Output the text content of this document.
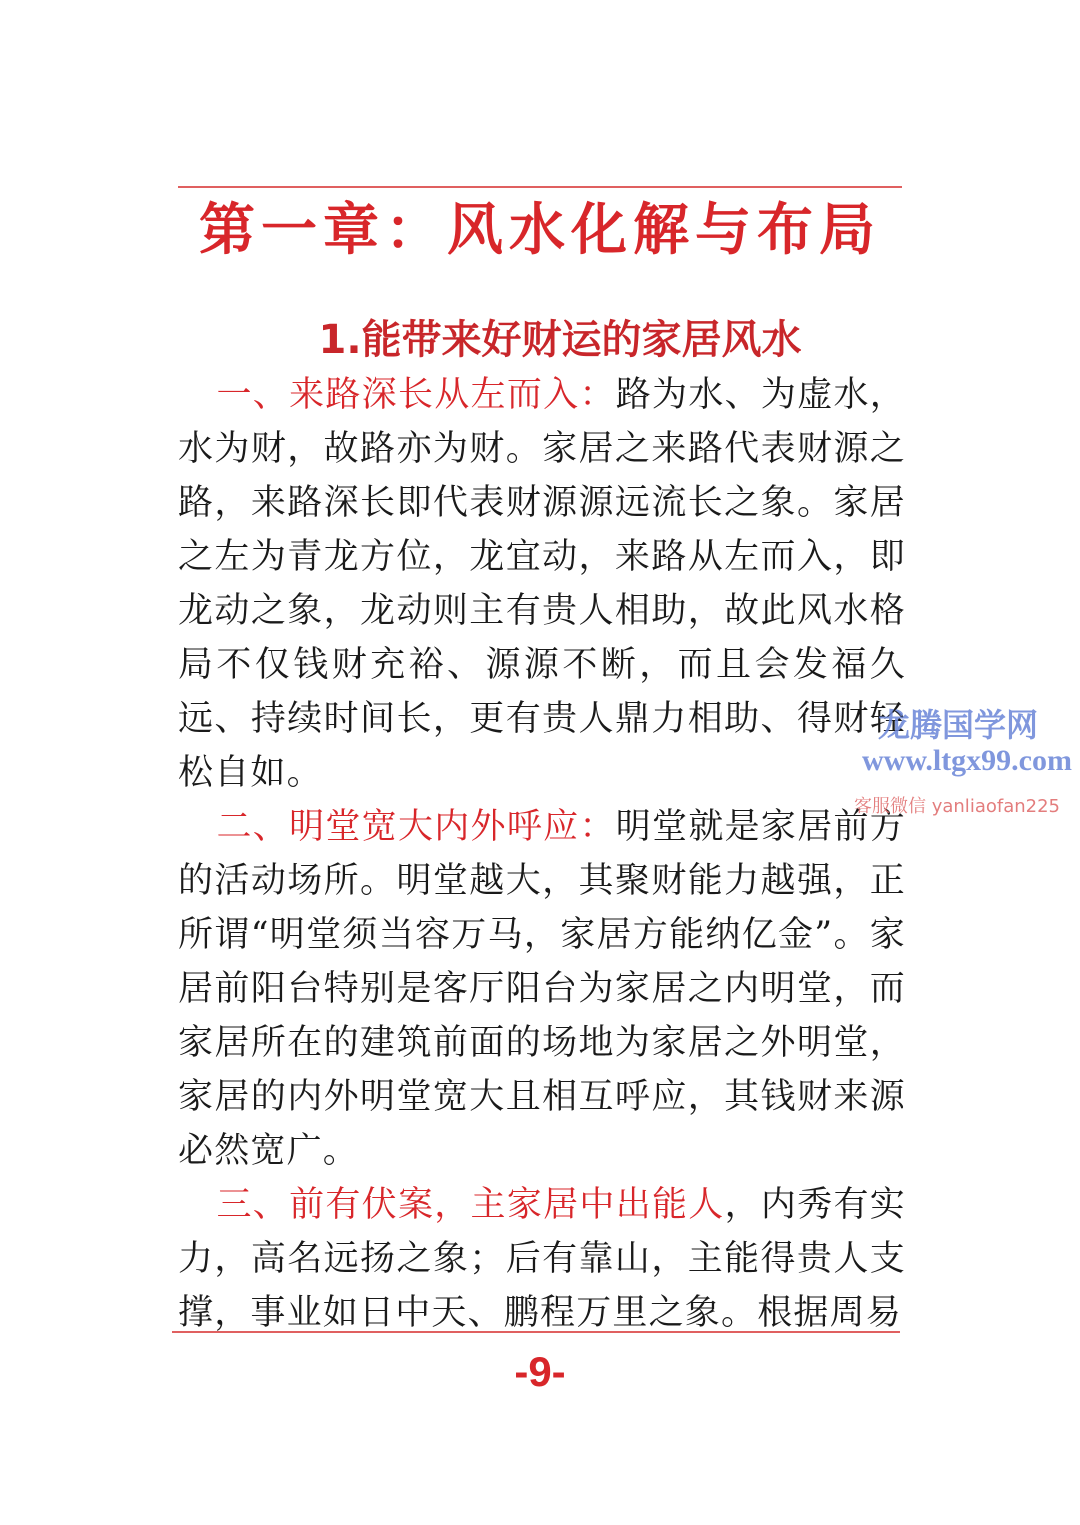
第一章：风水化解与布局
1.能带来好财运的家居风水

一、来路深长从左而入：路为水、为虚水，水为财，故路亦为财。家居之来路代表财源之路，来路深长即代表财源源远流长之象。家居之左为青龙方位，龙宜动，来路从左而入，即龙动之象，龙动则主有贵人相助，故此风水格局不仅钱财充裕、源源不断，而且会发福久远、持续时间长，更有贵人鼎力相助、得财轻松自如。

二、明堂宽大内外呼应：明堂就是家居前方的活动场所。明堂越大，其聚财能力越强，正所谓“明堂须当容万马，家居方能纳亿金”。家居前阳台特别是客厅阳台为家居之内明堂，而家居所在的建筑前面的场地为家居之外明堂，家居的内外明堂宽大且相互呼应，其钱财来源必然宽广。

三、前有伏案，主家居中出能人，内秀有实力，高名远扬之象；后有靠山，主能得贵人支撑，事业如日中天、鹏程万里之象。根据周易

-9-
龙腾国学网
www.ltgx99.com
客服微信 yanliaofan225
